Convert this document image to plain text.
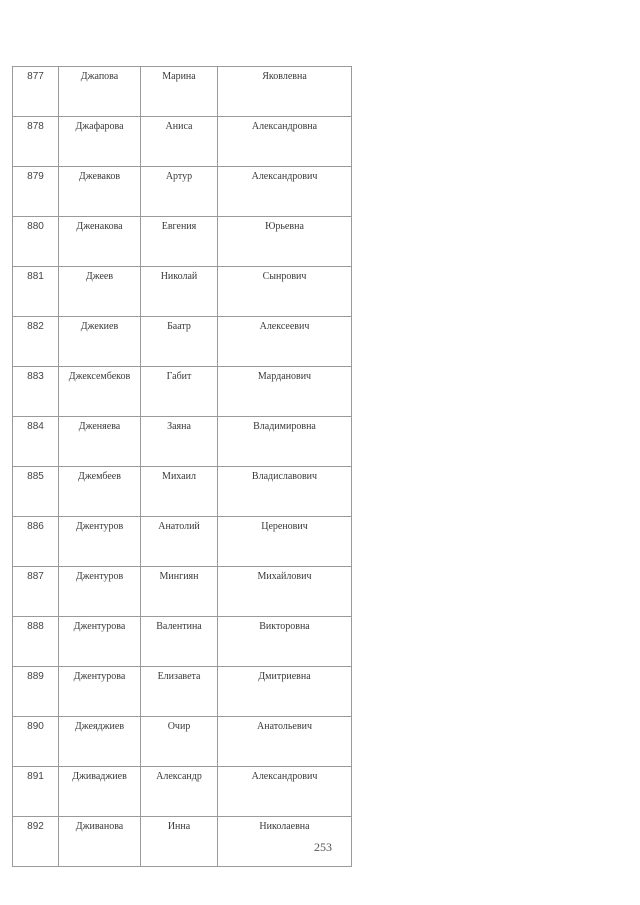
877	Джапова	Марина	Яковлевна
878	Джафарова	Аниса	Александровна
879	Джеваков	Артур	Александрович
880	Дженакова	Евгения	Юрьевна
881	Джеев	Николай	Сынрович
882	Джекиев	Баатр	Алексеевич
883	Джексембеков	Габит	Марданович
884	Дженяева	Заяна	Владимировна
885	Джембеев	Михаил	Владиславович
886	Джентуров	Анатолий	Церенович
887	Джентуров	Мингиян	Михайлович
888	Джентурова	Валентина	Викторовна
889	Джентурова	Елизавета	Дмитриевна
890	Джеяджиев	Очир	Анатольевич
891	Дживаджиев	Александр	Александрович
892	Дживанова	Инна	Николаевна
253
